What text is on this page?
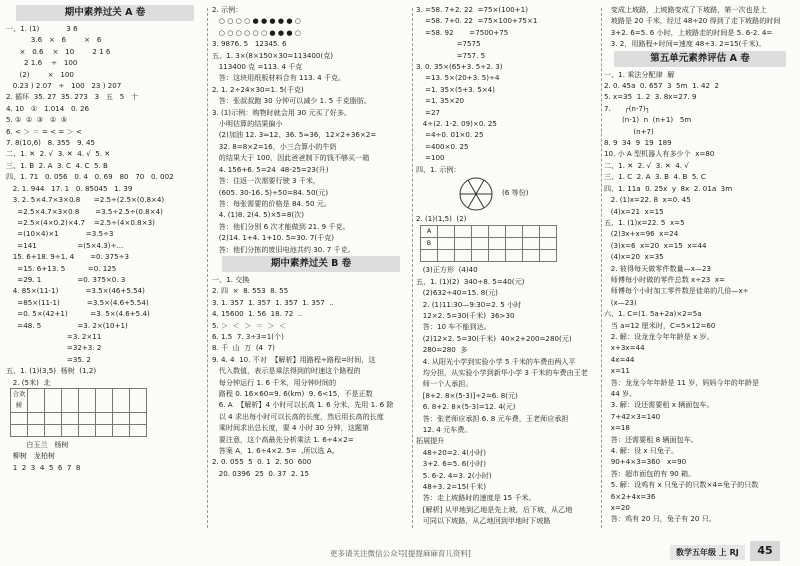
期中素养过关 A 卷
一、1. (1)            3 6
3.6   ×   6        ×   6
×   0.6    ×   10        2 1 6
2 1.6    ÷   100
(2)        ×   100
0.23 ) 2.07   ÷   100   23 ) 207
2. 循环  35. 27  35. 273   3   五   5   十
4. 10   ①   1.014   0. 26
5. ①  ①  ③   ①  ⑤
6. < ＞ ＝ = < = ＞ <
7. 8(10,6)   8. 355   9. 45
二、1. ✕  2. √  3. ✕  4. √  5. ✕
三、1. B  2. A  3. C  4. C  5. B
四、1. 71   0. 056   0. 4   0. 69   80   70   0. 002
2. 1. 944   17. 1   0. 85045   1. 39
3. 2. 5×4.7×3×0.8      =2.5÷(2.5×(0.8×4)
=2.5×4.7×3×0.8       =3.5÷2.5÷(0.8×4)
=2.5×(4×0.2)×4.7    =2.5÷(4×0.8×3)
=(10×4)×1            =3.5÷3
=141                  =(5×4.3)÷...
15. 6+18. 9÷1. 4       =0. 375÷3
=15. 6+13. 5          =0. 125
=29. 1                =0. 375×0. 3
4. 85×(11-1)            =3.5×(46+5.54)
=85×(11-1)            =3.5×(4.6+5.54)
=0. 5×(42+1)          =3. 5×(4.6+5.4)
=48. 5                =3. 2×(10+1)
=3. 2×11
=32+3. 2
=35. 2
五、1. (1)(3,5)  杨树  (1,2)
2. (5米)  北
合欢树							

白玉兰   杨树
柳树   龙柏树
1  2  3  4  5  6  7  8
2. 示例：
○ ○ ○ ○ ● ● ● ● ● ○
○ ○ ○ ○ ○ ○ ● ● ● ○
3. 9876. 5   12345. 6
五、1. 3×(8×150×30=113400(克)
113400 克 =113. 4 千克
答：这块用纸板材料合有 113. 4 千克。
2. 1. 2÷24×30=1. 5(千克)
答：张叔叔跑 30 分钟可以减少 1. 5 千克脂肪。
3. (1)示例：购物时就会用 30 元买了好多。
小明估算的结果偏小
(2)加油 12. 3≈12、36. 5≈36，12×2+36×2=
32. 8=8×2=16，小三合算小的牛奶
的结果大于 100，因此爸爸制下的钱不够买一箱
4. 156+6. 5=24  48-25=23(升)
答：往返一次需要行驶 3 千米，
(605. 30-16. 5)÷50=84. 50(元)
答：每张需要的价格是 84. 50 元。
4. (1)8. 2(4. 5)×5=8(次)
答：他们分别 6 次才能做到 21. 9 千克。
(2)14. 1+4. 1+10. 5=30. 7(千克)
答：他们分拣的废旧电池共约 30. 7 千克。
期中素养过关 B 卷
一、1. 交换
2. 四  ×  8. 553  8. 55
3. 1. 357  1. 357  1. 357  1. 357  ..
4. 15600  1. 56  18. 72  ..
5. ＞  ＜  ＞  ＝  ＞  ＜
6. 1.5  7. 3÷3=1(个)
8. 千  山  万  (4  7)
9. 4. 4  10. 不对  【解析】用路程÷路程=时间，这
代入数值，表示是乘法得到的时速这个路程的
每分钟运行 1. 6 千米，用分钟时间的
路程 0. 16×60=9. 6(km)  9. 6<15，不是正数
6. A  【解析】4 小时可以长高 1. 6 分米，先用 1. 6 除
以 4 求出每小时可以长高的长度，然后用长高的长度
乘时间求出总长度，要 4 小时 30 分钟，这题第
要注意，这个高最先分析乘法 1. 6÷4×2=
答案 A，1. 6÷4×2. 5=  ,所以选 A。
2. 0. 055  5  0. 1  2. 50  600
20. 0396  25  0. 37  2. 15
3. =58. 7+2. 22  =75×(100+1)
=58. 7+0. 22  =75×100+75×1
=58. 92       =7500+75
=7575
=757. 5
3. 0. 35×(65+3. 5÷2. 3)
=13. 5×(20+3. 5)÷4
=1. 35×(5+3. 5×4)
=1. 35×20
=27
4÷(2. 1-2. 09)×0. 25
=4÷0. 01×0. 25
=400×0. 25
=100
四、1. 示例：
(6 等份)
2. (1)(1,5)  (2)
A							
B							

(3)正方形  (4)40
五、1. (1)(2)  340÷8. 5=40(元)
(2)632÷40=15. 8(元)
2. (1)11:30—9:30=2. 5 小时
12×2. 5=30(千米)  36>30
答：10 车不能到达。
(2)12×2. 5=30(千米)  40×2+200=280(元)
280=280  多
4. 从阳光小学到实验小学 5 千米的车费由两人平
均分担，从实验小学到新华小学 3 千米的车费由王老
师一个人承担。
[8+2. 8×(5-3)]÷2=6. 8(元)
6. 8+2. 8×(5-3)=12. 4(元)
答：张老师应承担 6. 8 元车费，王老师应承担
12. 4 元车费。
拓展提升
48÷20=2. 4(小时)
3+2. 6=5. 6(小时)
5. 6-2. 4=3. 2(小时)
48÷3. 2=15(千米)
答：走上坡路时的速度是 15 千米。
[解析] 从甲地到乙地是先上坡，后下坡，从乙地
可同以下坡路，从乙地回到甲地时下坡路
变成上坡路，上坡路变成了下坡路，第一次也是上
坡路是 20 千米，经过 48÷20 得到了走下坡路的时间
3+2. 6=5. 6 小时，上坡路走的时间是 5. 6-2. 4=
3. 2，用路程÷时间=速度 48÷3. 2=15(千米)。
第五单元素养评估 A 卷
一、1. 乘法分配律  解
2. 0. 45a  0. 657  3  5m  1. 42  2
5. x=35  1. 2  3. 8x=27. 9
7.      ┌(n-7)┐
(n-1)  n  (n+1)   5m
(n+7)
8. 9  34  9  19  189
10. 小 A 型机器人有多少个  x=80
二、1. ✕  2. √  3. ✕  4. √
三、1. C  2. A  3. B  4. B  5. C
四、1. 11a  0. 25x  y  8x  2. 01a  3m
2. (1)x=22. 8  x=0. 45
(4)x=21  x=15
五、1. (1)x=22. 5  x=5
(2)3x+x=96  x=24
(3)x=6  x=20  x=15  x=44
(4)x=20  x=35
2. 彼得每天做零件数量—x—23
师傅每小时做的零件总数 x÷23  x=
师傅每个小时加工零件数是徒弟的几倍—x÷
(x—23)
六、1. C=(1. 5a+2a)×2=5a
当 a=12 厘米时，C=5×12=60
2. 解：设龙龙今年年龄是 x 岁。
x+3x=44
4x=44
x=11
答：龙龙今年年龄是 11 岁，妈妈今年的年龄是
44 岁。
3. 解：设还需要租 x 辆面包车。
7+42×3=140
x=18
答：还需要租 8 辆面包车。
4. 解：设 x 只兔子。
90+4×3=360   x=90
答：超市面包的有 90 箱。
5. 解：设鸡有 x 只兔子的只数×4=兔子的只数
6×2+4x=36
x=20
答：鸡有 20 只，兔子有 20 只。
更多请关注微信公众号[提提麻麻育儿资料]	数学五年级 上 RJ	45
